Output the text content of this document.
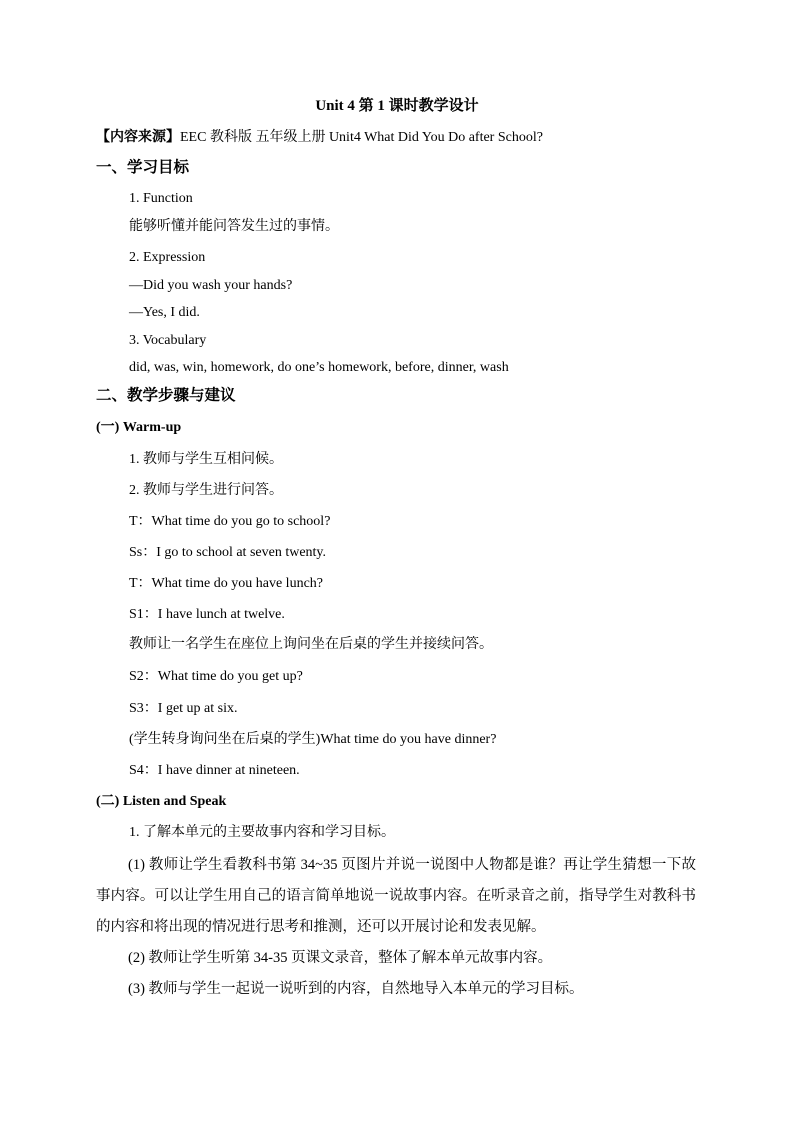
Unit 4 第 1 课时教学设计
【内容来源】EEC 教科版 五年级上册 Unit4 What Did You Do after School?
一、学习目标
1. Function
能够听懂并能问答发生过的事情。
2. Expression
—Did you wash your hands?
—Yes, I did.
3. Vocabulary
did, was, win, homework, do one’s homework, before, dinner, wash
二、教学步骤与建议
(一) Warm-up
1. 教师与学生互相问候。
2. 教师与学生进行问答。
T：What time do you go to school?
Ss：I go to school at seven twenty.
T：What time do you have lunch?
S1：I have lunch at twelve.
教师让一名学生在座位上询问坐在后桌的学生并接续问答。
S2：What time do you get up?
S3：I get up at six.
(学生转身询问坐在后桌的学生)What time do you have dinner?
S4：I have dinner at nineteen.
(二) Listen and Speak
1. 了解本单元的主要故事内容和学习目标。
(1) 教师让学生看教科书第 34~35 页图片并说一说图中人物都是谁？再让学生猜想一下故事内容。可以让学生用自己的语言简单地说一说故事内容。在听录音之前，指导学生对教科书的内容和将出现的情况进行思考和推测，还可以开展讨论和发表见解。
(2) 教师让学生听第 34-35 页课文录音，整体了解本单元故事内容。
(3) 教师与学生一起说一说听到的内容，自然地导入本单元的学习目标。
